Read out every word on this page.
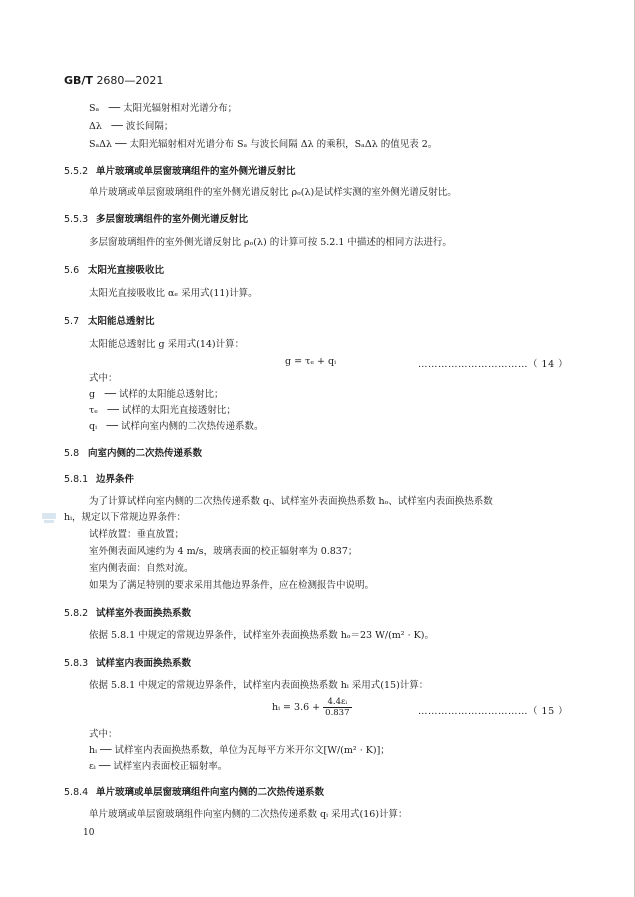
GB/T 2680—2021
Sₐ　── 太阳光辐射相对光谱分布；
Δλ　── 波长间隔；
SₐΔλ ── 太阳光辐射相对光谱分布 Sₐ 与波长间隔 Δλ 的乘积，SₐΔλ 的值见表 2。
5.5.2 单片玻璃或单层窗玻璃组件的室外侧光谱反射比
单片玻璃或单层窗玻璃组件的室外侧光谱反射比 ρₒ(λ)是试样实测的室外侧光谱反射比。
5.5.3 多层窗玻璃组件的室外侧光谱反射比
多层窗玻璃组件的室外侧光谱反射比 ρₒ(λ) 的计算可按 5.2.1 中描述的相同方法进行。
5.6 太阳光直接吸收比
太阳光直接吸收比 αₑ 采用式(11)计算。
5.7 太阳能总透射比
太阳能总透射比 g 采用式(14)计算：
g = τₑ + qᵢ	……………………………（ 14 ）
式中：
g　── 试样的太阳能总透射比；
τₑ　── 试样的太阳光直接透射比；
qᵢ　── 试样向室内侧的二次热传递系数。
5.8 向室内侧的二次热传递系数
5.8.1 边界条件
为了计算试样向室内侧的二次热传递系数 qᵢ、试样室外表面换热系数 hₒ、试样室内表面换热系数
hᵢ，规定以下常规边界条件：
试样放置：垂直放置；
室外侧表面风速约为 4 m/s，玻璃表面的校正辐射率为 0.837；
室内侧表面：自然对流。
如果为了满足特别的要求采用其他边界条件，应在检测报告中说明。
5.8.2 试样室外表面换热系数
依据 5.8.1 中规定的常规边界条件，试样室外表面换热系数 hₒ＝23 W/(m² · K)。
5.8.3 试样室内表面换热系数
依据 5.8.1 中规定的常规边界条件，试样室内表面换热系数 hᵢ 采用式(15)计算：
hᵢ = $3.6 + \frac{\text{4.4εᵢ}}{0.837}$	……………………………（ 15 ）
式中：
hᵢ ── 试样室内表面换热系数，单位为瓦每平方米开尔文[W/(m² · K)]；
εᵢ ── 试样室内表面校正辐射率。
5.8.4 单片玻璃或单层窗玻璃组件向室内侧的二次热传递系数
单片玻璃或单层窗玻璃组件向室内侧的二次热传递系数 qᵢ 采用式(16)计算：
10
